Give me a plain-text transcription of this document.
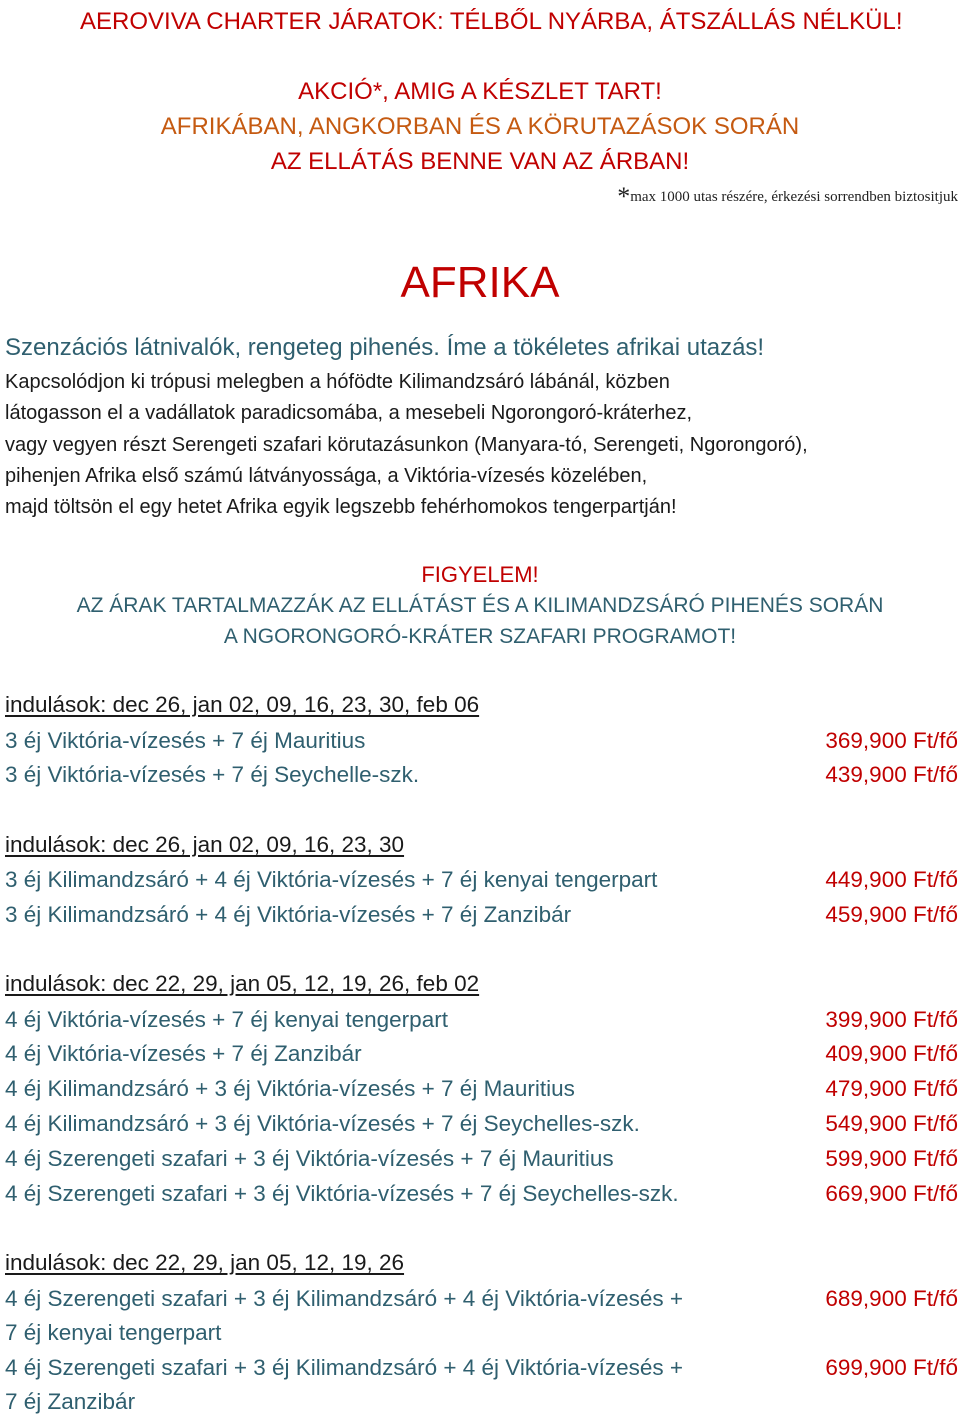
AEROVIVA CHARTER JÁRATOK: TÉLBŐL NYÁRBA, ÁTSZÁLLÁS NÉLKÜL!
AKCIÓ*, AMIG A KÉSZLET TART!
AFRIKÁBAN, ANGKORBAN ÉS A KÖRUTAZÁSOK SORÁN
AZ ELLÁTÁS BENNE VAN AZ ÁRBAN!
*max 1000 utas részére, érkezési sorrendben biztositjuk
AFRIKA
Szenzációs látnivalók, rengeteg pihenés. Íme a tökéletes afrikai utazás!
Kapcsolódjon ki trópusi melegben a hófödte Kilimandzsáró lábánál, közben
látogasson el a vadállatok paradicsomába, a mesebeli Ngorongoró-kráterhez,
vagy vegyen részt Serengeti szafari körutazásunkon (Manyara-tó, Serengeti, Ngorongoró),
pihenjen Afrika első számú látványossága, a Viktória-vízesés közelében,
majd töltsön el egy hetet Afrika egyik legszebb fehérhomokos tengerpartján!
FIGYELEM!
AZ ÁRAK TARTALMAZZÁK AZ ELLÁTÁST ÉS A KILIMANDZSÁRÓ PIHENÉS SORÁN
A NGORONGORÓ-KRÁTER SZAFARI PROGRAMOT!
indulások: dec 26, jan 02, 09, 16, 23, 30, feb 06
3 éj Viktória-vízesés + 7 éj Mauritius	369,900 Ft/fő
3 éj Viktória-vízesés + 7 éj Seychelle-szk.	439,900 Ft/fő
indulások: dec 26, jan 02, 09, 16, 23, 30
3 éj Kilimandzsáró + 4 éj Viktória-vízesés + 7 éj kenyai tengerpart	449,900 Ft/fő
3 éj Kilimandzsáró + 4 éj Viktória-vízesés + 7 éj Zanzibár	459,900 Ft/fő
indulások: dec 22, 29, jan 05, 12, 19, 26, feb 02
4 éj Viktória-vízesés + 7 éj kenyai tengerpart	399,900 Ft/fő
4 éj Viktória-vízesés + 7 éj Zanzibár	409,900 Ft/fő
4 éj Kilimandzsáró + 3 éj Viktória-vízesés + 7 éj Mauritius	479,900 Ft/fő
4 éj Kilimandzsáró + 3 éj Viktória-vízesés + 7 éj Seychelles-szk.	549,900 Ft/fő
4 éj Szerengeti szafari + 3 éj Viktória-vízesés + 7 éj Mauritius	599,900 Ft/fő
4 éj Szerengeti szafari + 3 éj Viktória-vízesés + 7 éj Seychelles-szk.	669,900 Ft/fő
indulások: dec 22, 29, jan 05, 12, 19, 26
4 éj Szerengeti szafari + 3 éj Kilimandzsáró + 4 éj Viktória-vízesés +	689,900 Ft/fő
7 éj kenyai tengerpart
4 éj Szerengeti szafari + 3 éj Kilimandzsáró + 4 éj Viktória-vízesés +	699,900 Ft/fő
7 éj Zanzibár
